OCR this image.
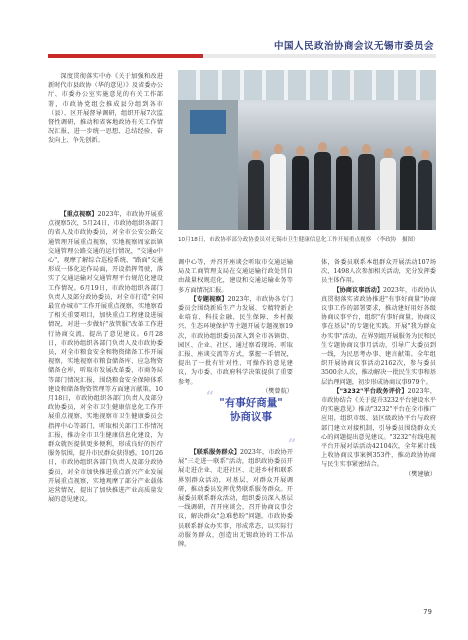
中国人民政治协商会议无锡市委员会

深度贯彻落实中办《关于加强和改进新时代市县政协（华的意见）》及省委办公厅、市委办公室实施意见的有关工作部署，市政协党组会推成县分组到各市（县）、区开展督导调研，组织开展7次监督性调研，推动和省客地政协有关工作情况汇报，进一步统一思想、总结经验、奋发向上、争先创新。

【重点视察】2023年，市政协开展重点视察5次，5月24日，市政协组织各部门的省人及市政协委员，对全市公安公路交通管理开展重点视察，实地视察周家浜镇交通管理公路交通的运行情况，"交通e中心"，观摩了解综合巡检系统、"路面"交通形成一体化运作局面，开设指挥驾驶，落实了交通运输对交通管理平台规范化建设工作情况。6月19日，市政协组织各部门负责人及部分政协委员，对全市打造"全国最宜办城市"工作开展重点视察，实地察看了相关重要项目，加快重点工程建设进展情况，对进一步做好"放管服"改革工作进行协商交流，提出了意见建议。6月28日，市政协组织各部门负责人及市政协委员，对全市粮食安全和物资储备工作开展视察，实地视察市粮食储备库、应急物资储备仓库，听取市发展改革委、市商务局等部门情况汇报，围绕粮食安全保障体系建设和储备物资管理等方面建言献策。10月18日，市政协组织各部门负责人及部分政协委员，对全市卫生健康信息化工作开展重点视察，实地视察市卫生健康委员会指挥中心等部门，听取相关部门工作情况汇报，推动全市卫生健康信息化建设，为群众就医提供更多便利，形成良好的医疗服务氛围，提升市民群众获得感。10月26日，市政协组织各部门负责人及部分政协委员，对全市加快推进重点新兴产业发展开展重点视察，实地观摩了部分产业载体运营情况，提出了加快推进产业高质量发展的意见建议。

10月18日，市政协率部分政协委员对无锡市卫生健康信息化工作开展重点视察　（李政协　摄图）

调中心等，并召开座谈会听取市交通运输局及工商管理支局在交通运输行政处罚自由裁量权规范化，建设和交通运输业务等多方面情况汇报。

【专题视察】2023年，市政协各专门委员会围绕新质生产力发展、专精特新企业培育、科技金融、民生保障、乡村振兴、生态环境保护等主题开展专题视察19次，市政协组织委员深入到全市各镇街、园区、企业、社区，通过察看现场、听取汇报、座谈交流等方式，掌握一手情况，提出了一批有针对性、可操作的意见建议，为市委、市政府科学决策提供了重要参考。

（樊曾航）

“ "有事好商量"
协商议事
”

【联系服务群众】2023年，市政协开展"三走进一联系"活动，组织政协委员开展走进企业、走进社区、走进乡村和联系界别群众活动，对基层、对群众开展调研，推动委员发挥优势联系服务群众。开展委员联系群众活动，组织委员深入基层一线调研，召开座谈会，召开协商议事会议，解决群众"急难愁盼"问题。市政协委员联系群众办实事，形成常态，以实际行动服务群众，创造出无锡政协的工作品牌。

体，备委员联系本组群众开展活动107场次，1498人次参加相关活动，充分发挥委员主体作用。

【协商议事活动】2023年，市政协认真贯彻落实省政协推进"有事好商量"协商议事工作的部署要求，推动建好用好各级协商议事平台，组织"有事好商量，协商议事在基层"的专题化实践。开展"我为群众办实事"活动，在界别组开展服务为民和民生专题协商议事月活动，引导广大委员到一线，为民思考办事、建言献策。全年组织开展协商议事活动2162次，参与委员3500余人次，推动解决一批民生实事和基层治理问题，初步形成协商议事979个。

【"3232"平台政务评价】2023年，市政协结合《关于提升3232平台建设水平的实施意见》推动"3232"平台在全市推广应用，组织市级、县区级政协平台与政府部门建立对接机制，引导委员围绕群众关心的问题提出意见建议。"3232"有线电视平台开展对话活动42104次，全年累计线上收协商议事案例353件，推动政协协商与民生实事紧密结合。

（樊建敏）

79
